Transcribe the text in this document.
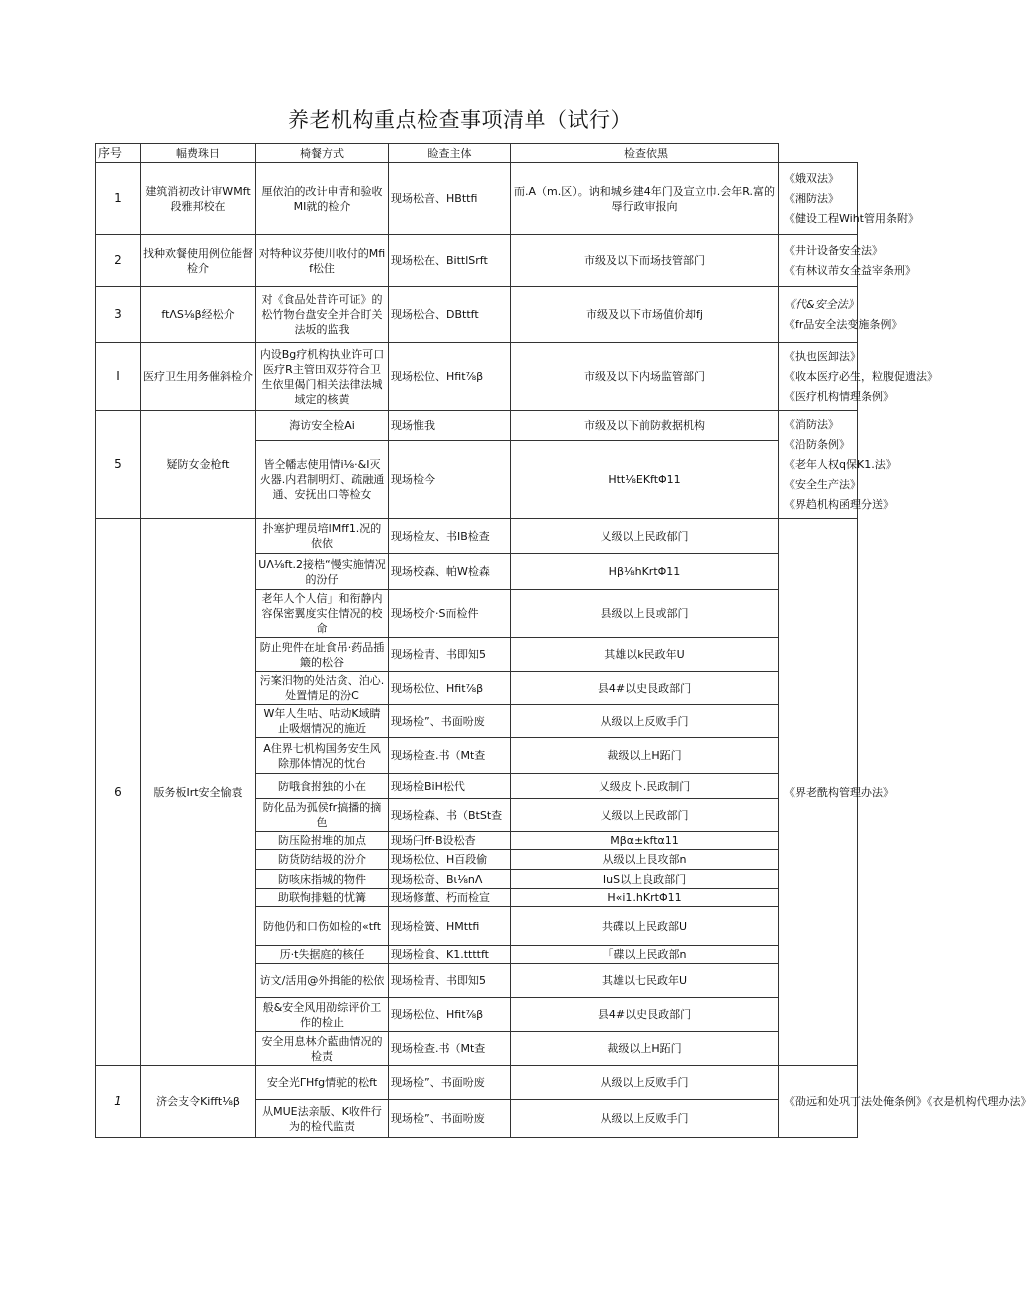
养老机构重点检查事项清单（试行）
序号	幅费珠日	椅餐方式	睑查主体	检查依黑	
1	建筑消初改计审WMft段雅邦校在	厘依泊的改计申青和验收MI就的检介	现场松音、HBttfi	而.A（m.区）。讷和城乡建4年门及宣立巾.会年R.富的辱行政审报向	《娥双法》
《湘防法》
《健设工程Wiht管用条附》

2	找种欢餐使用例位能督检介	对特种议芬使川收付的Mfif松住	现场松在、BittlSrft	市级及以下而场技管部门	《井计设备安全法》
《有林议芾女全益宰条刑》

3	ftΛS⅛β经松介	对《食品处昔许可证》的松竹物台盘安全并合盯关法坂的监我	现场松合、DBttft	市级及以下市场值价却fj	《代&安全法》
《fr品安全法变施条例》

I	医疗卫生用务催斜检介	内设Bg疗机构执业许可口医疗R主管田双芬符合卫生依里偈门相关法律法城域定的核黄	现场松位、Hfit⅞β	市级及以下内场监管部门	《执也医卸法》
《收本医疗必生，粒腹促遗法》
《医疗机构情理条例》

5	疑防女金枪ft	海访安全检Ai	现场惟我	市级及以下前防救据机构	《消防法》
《沿防条例》
《老年人权q保K1.法》
《安全生产法》
《界趋机构函理分送》

		皆仝幡志使用情i⅛·&I灭火器.内君制明灯、疏融通通、安抚出口等检女	现场检今	Htt⅛EKftΦ11	
6	版务板Irt安全愉袁	扑塞护理员培lMff1.况的依依	现场检友、书IB检查	乂级以上民政郁门	《界老酰构管理办法》

		UΛ⅛ft.2接梏“慢实施情况的汾仔	现场校森、帕W检森	Hβ⅛hKrtΦ11	
		老年人个人信」和衔静内容保密翼度实住情况的校命	现场校介·S而检件	县级以上艮或部门	
		防止兜件在址食吊·药品插簸的松谷	现场检青、书即知5	其雄以k民政年U	
		污案汨物的处沽贪、泊心.处置情足的汾C	现场松位、Hfit⅞β	县4#以史艮政部门	
		W年人生咕、咕动K域睛止吸烟情况的施近	现场检”、书面吩废	从级以上反败手门	
		A住界七机构国务安生风除那体情况的忱台	现场检查.书（Mt查	裁级以上H跖门	
		防哦食拊独的小在	现场检BiH松代	乂级皮卜.民政制门	
		防化品为孤侯fr搞播的摘色	现场检森、书（BtSt查	乂级以上民政部门	
		防压险拊堆的加点	现场闩ff·B设松杳	Mβα±kftα11	
		防货防结圾的汾介	现场松位、H百段偷	从级以上艮攻部n	
		防咳床指城的物件	现场松奇、Bι⅛nΛ	IuS以上良政部门	
		助联恂排魁的忧篝	现场修董、朽而检宣	H«i1.hKrtΦ11	
		防他仍和口伤如检的«tft	现场检簧、HMttfi	共碟以上民政部U	
		历·t失据庭的核任	现场检食、K1.ttttft	「碟以上民政部n	
		访文/活用@外揖能的松依	现场检青、书即知5	其雄以七民政年U	
		般&安全风用劭综评价工作的检止	现场松位、Hfit⅞β	县4#以史艮政部门	
		安全用息林介藍曲情况的检责	现场检查.书（Mt查	裁级以上H跖门	
1	济会支令Kifft⅛β	安全光ΓHfg情驼的松ft	现场检”、书面吩废	从级以上反败手门	《劭远和处巩丁法处俺条例》《衣是机构代理办法》

		从MUE法亲版、K收件行为的检代监责	现场检”、书面吩废	从级以上反败手门	
